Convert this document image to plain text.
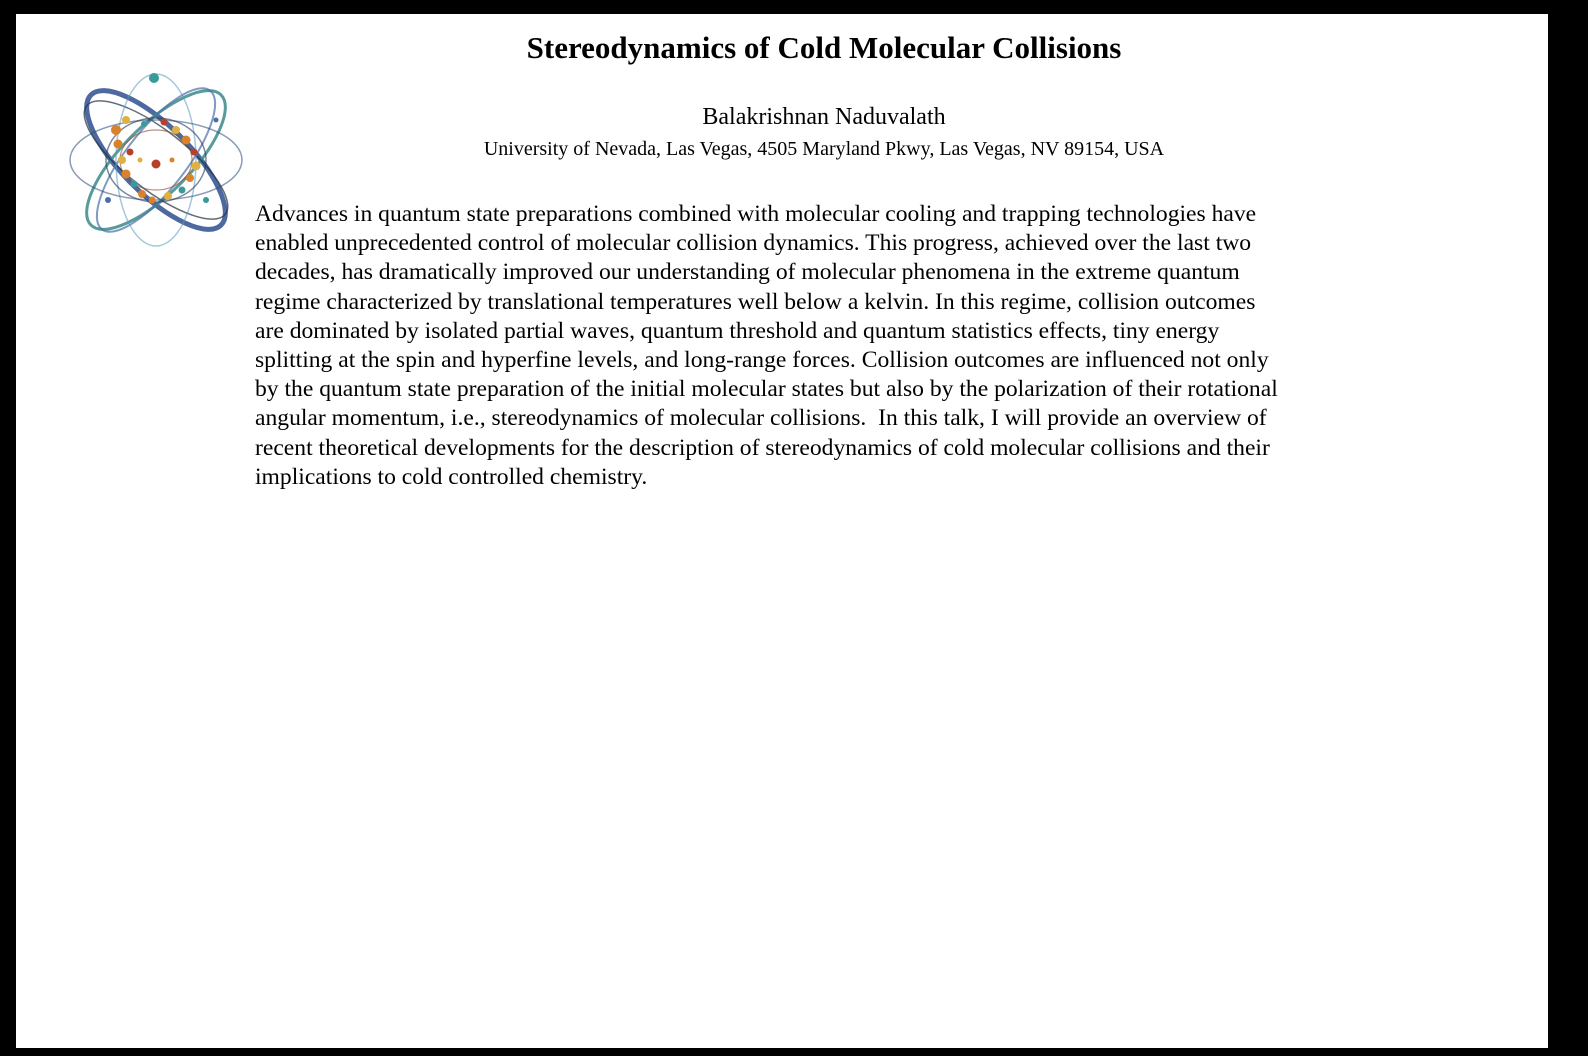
Stereodynamics of Cold Molecular Collisions
Balakrishnan Naduvalath
University of Nevada, Las Vegas, 4505 Maryland Pkwy, Las Vegas, NV 89154, USA

Advances in quantum state preparations combined with molecular cooling and trapping technologies have
enabled unprecedented control of molecular collision dynamics. This progress, achieved over the last two
decades, has dramatically improved our understanding of molecular phenomena in the extreme quantum
regime characterized by translational temperatures well below a kelvin. In this regime, collision outcomes
are dominated by isolated partial waves, quantum threshold and quantum statistics effects, tiny energy
splitting at the spin and hyperfine levels, and long-range forces. Collision outcomes are influenced not only
by the quantum state preparation of the initial molecular states but also by the polarization of their rotational
angular momentum, i.e., stereodynamics of molecular collisions.  In this talk, I will provide an overview of
recent theoretical developments for the description of stereodynamics of cold molecular collisions and their
implications to cold controlled chemistry.
